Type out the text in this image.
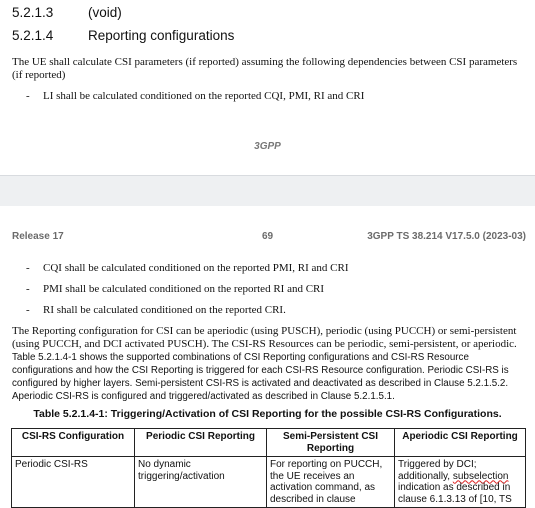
5.2.1.3	(void)
5.2.1.4	Reporting configurations
The UE shall calculate CSI parameters (if reported) assuming the following dependencies between CSI parameters (if reported)
- LI shall be calculated conditioned on the reported CQI, PMI, RI and CRI
3GPP
Release 17	69	3GPP TS 38.214 V17.5.0 (2023-03)
- CQI shall be calculated conditioned on the reported PMI, RI and CRI
- PMI shall be calculated conditioned on the reported RI and CRI
- RI shall be calculated conditioned on the reported CRI.
The Reporting configuration for CSI can be aperiodic (using PUSCH), periodic (using PUCCH) or semi-persistent (using PUCCH, and DCI activated PUSCH). The CSI-RS Resources can be periodic, semi-persistent, or aperiodic.
Table 5.2.1.4-1 shows the supported combinations of CSI Reporting configurations and CSI-RS Resource configurations and how the CSI Reporting is triggered for each CSI-RS Resource configuration. Periodic CSI-RS is configured by higher layers. Semi-persistent CSI-RS is activated and deactivated as described in Clause 5.2.1.5.2. Aperiodic CSI-RS is configured and triggered/activated as described in Clause 5.2.1.5.1.
Table 5.2.1.4-1: Triggering/Activation of CSI Reporting for the possible CSI-RS Configurations.
CSI-RS Configuration	Periodic CSI Reporting	Semi-Persistent CSI Reporting	Aperiodic CSI Reporting
Periodic CSI-RS	No dynamic triggering/activation	For reporting on PUCCH, the UE receives an activation command, as described in clause	Triggered by DCI; additionally, subselection indication as described in clause 6.1.3.13 of [10, TS
